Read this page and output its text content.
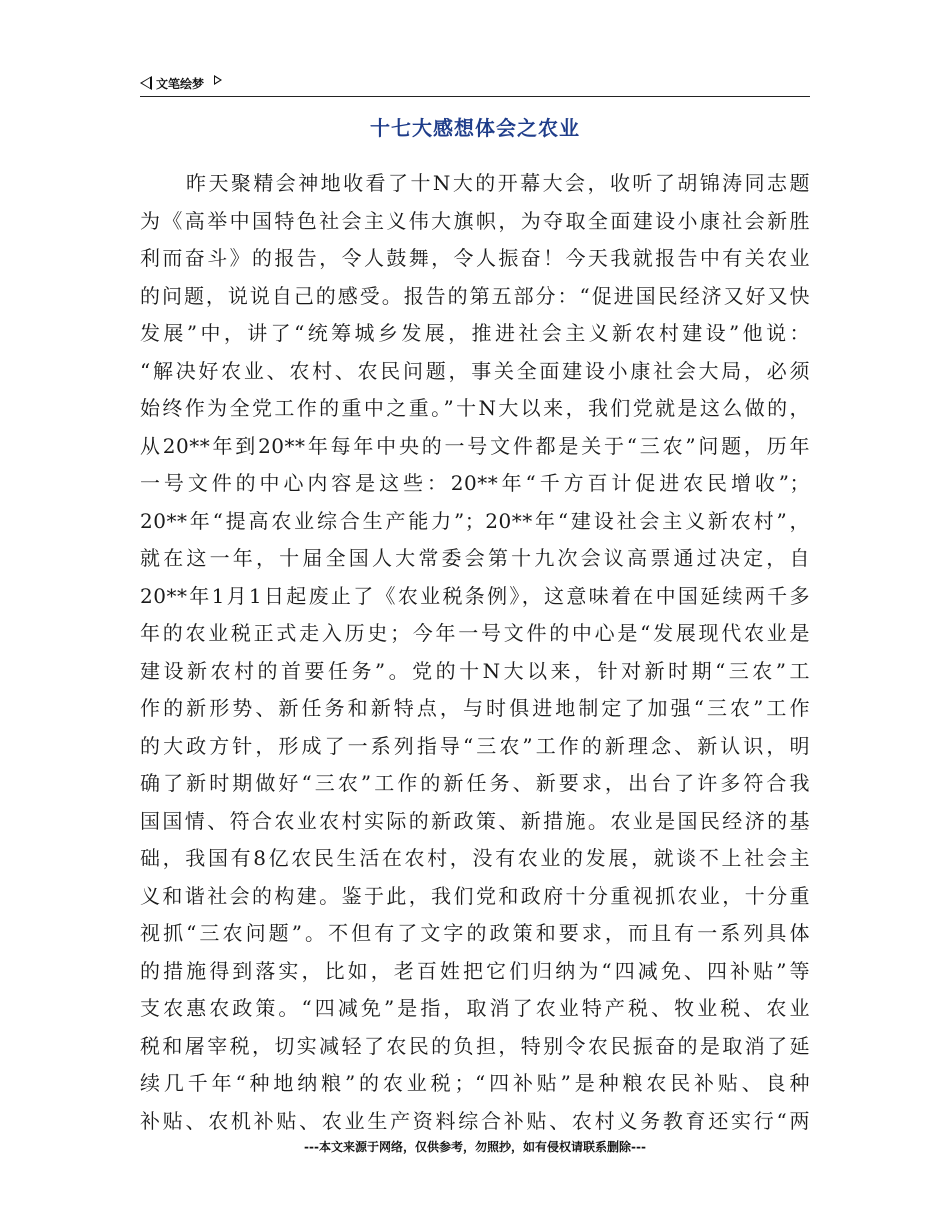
文笔绘梦
十七大感想体会之农业
昨天聚精会神地收看了十N大的开幕大会，收听了胡锦涛同志题
为《高举中国特色社会主义伟大旗帜，为夺取全面建设小康社会新胜
利而奋斗》的报告，令人鼓舞，令人振奋！今天我就报告中有关农业
的问题，说说自己的感受。报告的第五部分：“促进国民经济又好又快
发展”中，讲了“统筹城乡发展，推进社会主义新农村建设”他说：
“解决好农业、农村、农民问题，事关全面建设小康社会大局，必须
始终作为全党工作的重中之重。”十N大以来，我们党就是这么做的，
从20**年到20**年每年中央的一号文件都是关于“三农”问题，历年
一号文件的中心内容是这些：20**年“千方百计促进农民增收”；
20**年“提高农业综合生产能力”；20**年“建设社会主义新农村”，
就在这一年，十届全国人大常委会第十九次会议高票通过决定，自
20**年1月1日起废止了《农业税条例》，这意味着在中国延续两千多
年的农业税正式走入历史；今年一号文件的中心是“发展现代农业是
建设新农村的首要任务”。党的十N大以来，针对新时期“三农”工
作的新形势、新任务和新特点，与时俱进地制定了加强“三农”工作
的大政方针，形成了一系列指导“三农”工作的新理念、新认识，明
确了新时期做好“三农”工作的新任务、新要求，出台了许多符合我
国国情、符合农业农村实际的新政策、新措施。农业是国民经济的基
础，我国有8亿农民生活在农村，没有农业的发展，就谈不上社会主
义和谐社会的构建。鉴于此，我们党和政府十分重视抓农业，十分重
视抓“三农问题”。不但有了文字的政策和要求，而且有一系列具体
的措施得到落实，比如，老百姓把它们归纳为“四减免、四补贴”等
支农惠农政策。“四减免”是指，取消了农业特产税、牧业税、农业
税和屠宰税，切实减轻了农民的负担，特别令农民振奋的是取消了延
续几千年“种地纳粮”的农业税；“四补贴”是种粮农民补贴、良种
补贴、农机补贴、农业生产资料综合补贴、农村义务教育还实行“两
---本文来源于网络，仅供参考，勿照抄，如有侵权请联系删除---
